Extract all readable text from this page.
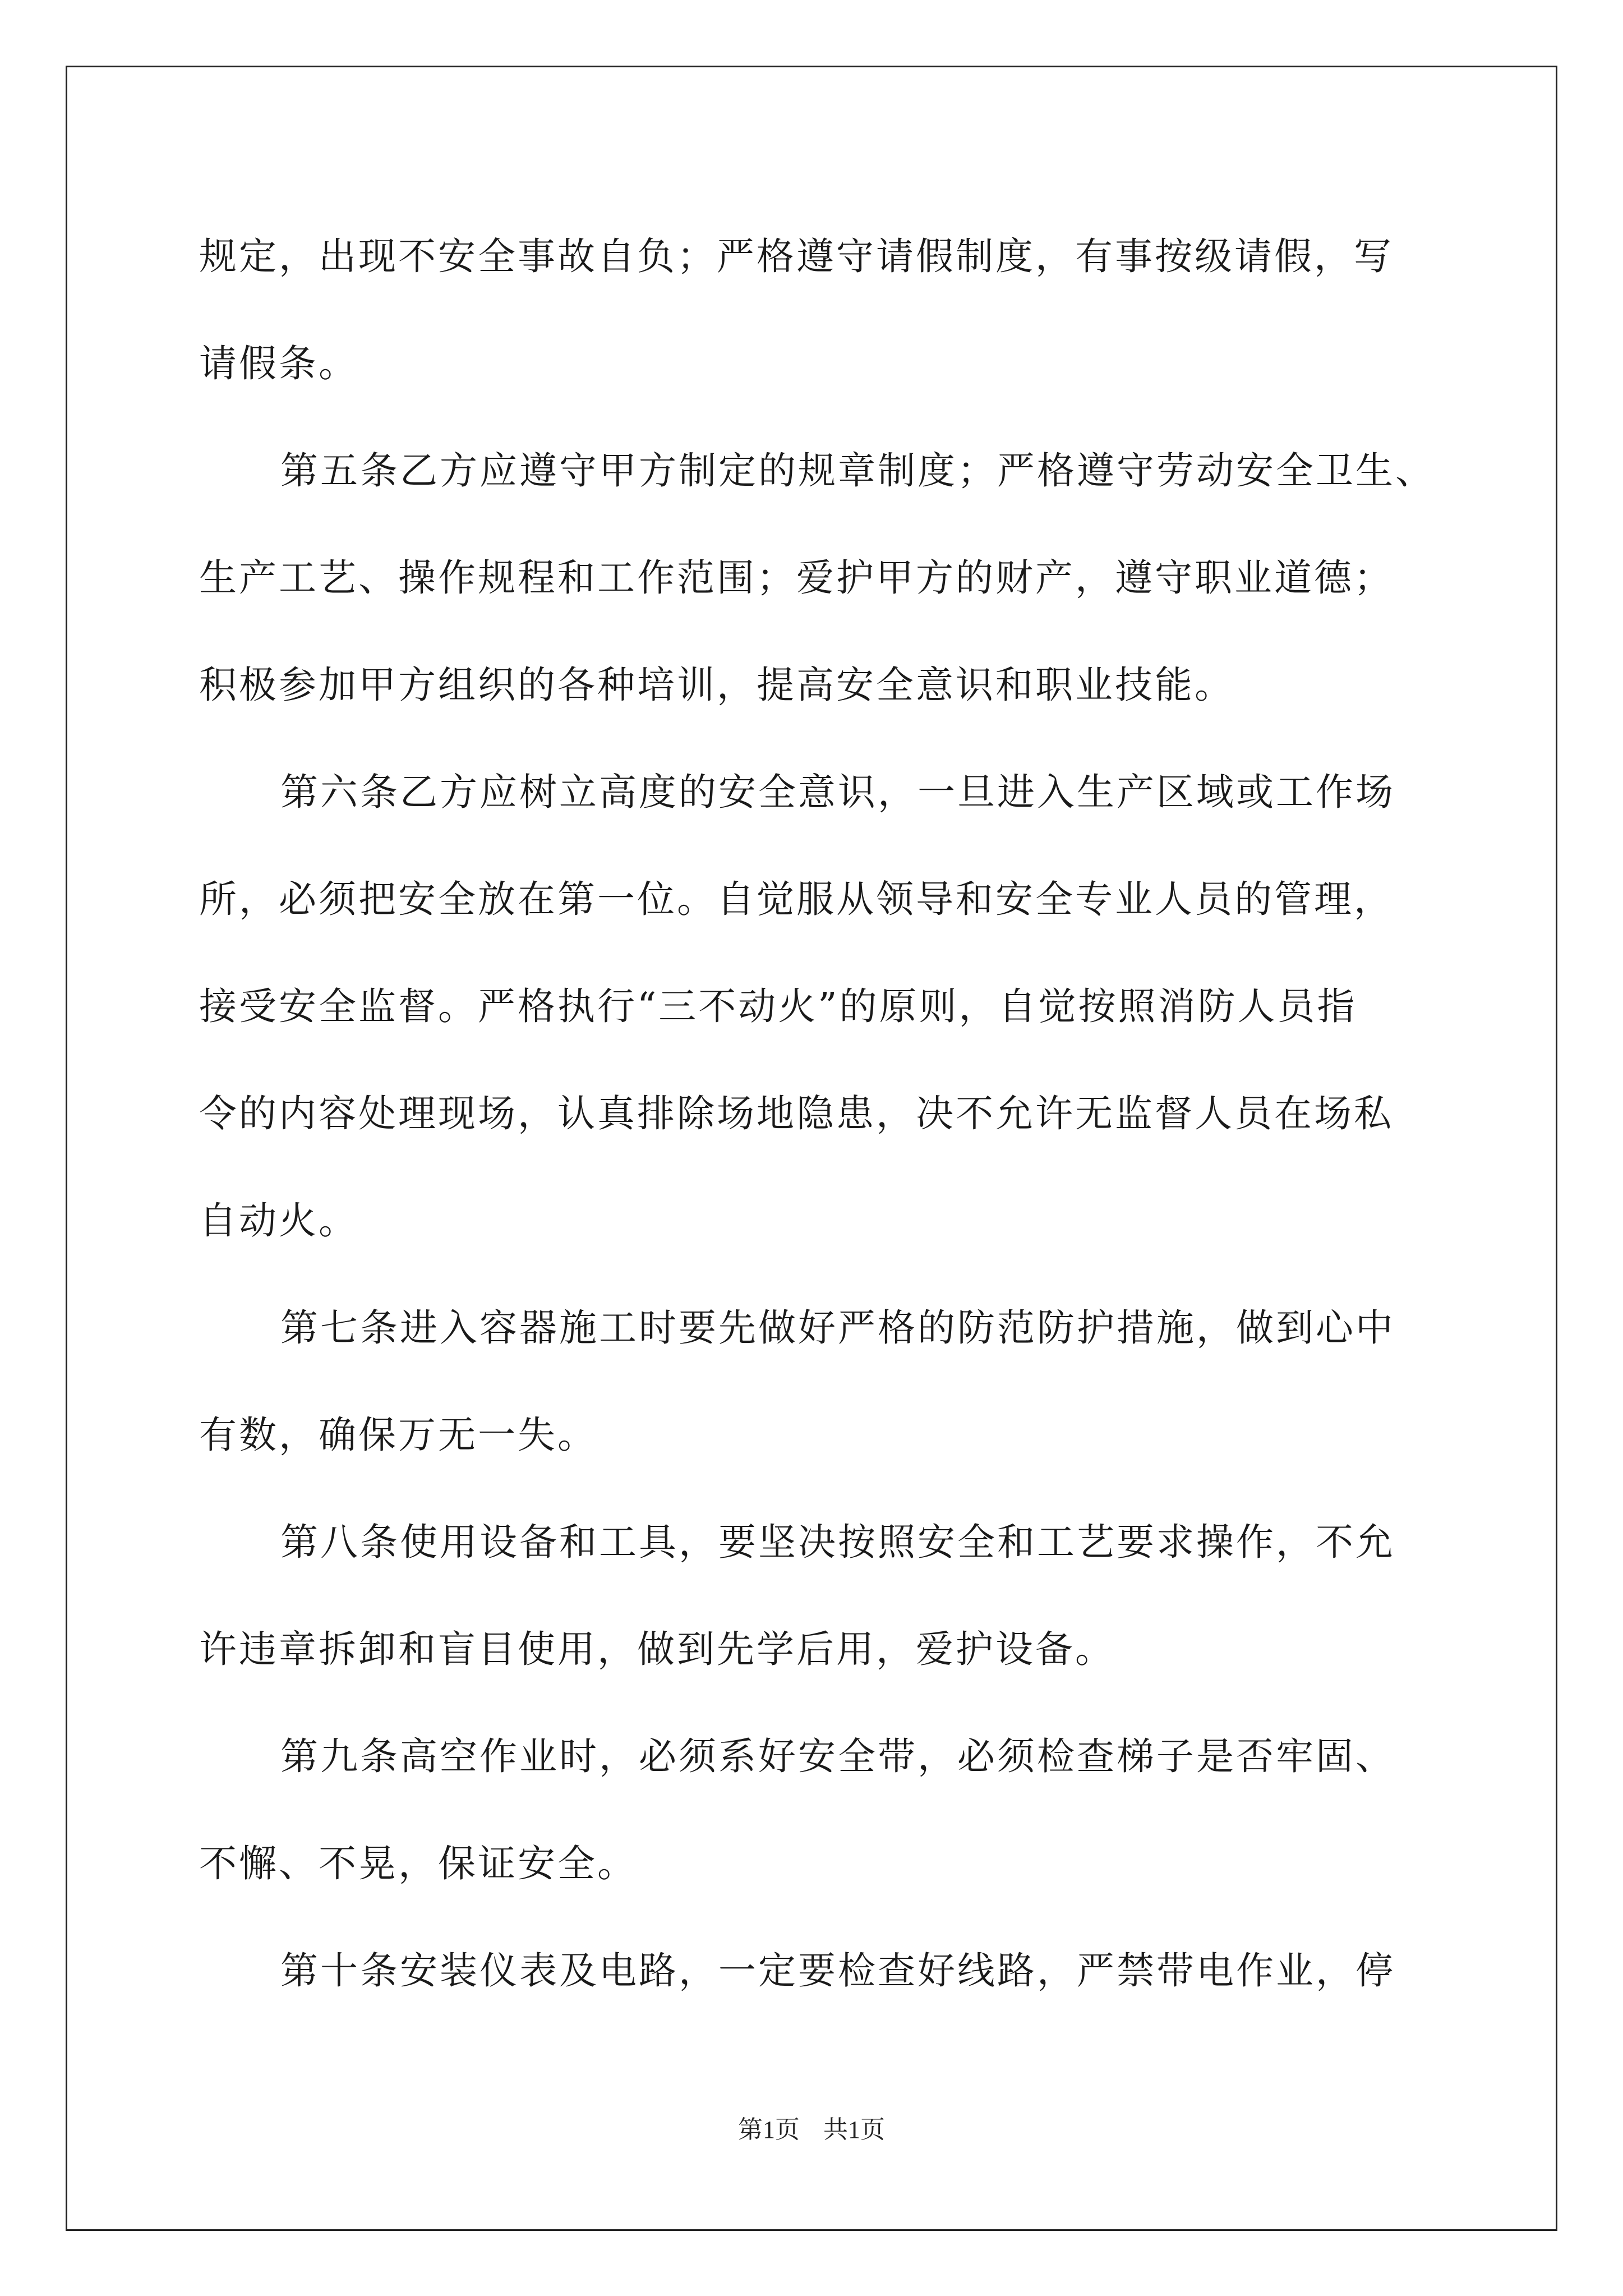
规定，出现不安全事故自负；严格遵守请假制度，有事按级请假，写
请假条。
第五条乙方应遵守甲方制定的规章制度；严格遵守劳动安全卫生、
生产工艺、操作规程和工作范围；爱护甲方的财产，遵守职业道德；
积极参加甲方组织的各种培训，提高安全意识和职业技能。
第六条乙方应树立高度的安全意识，一旦进入生产区域或工作场
所，必须把安全放在第一位。自觉服从领导和安全专业人员的管理，
接受安全监督。严格执行“三不动火”的原则，自觉按照消防人员指
令的内容处理现场，认真排除场地隐患，决不允许无监督人员在场私
自动火。
第七条进入容器施工时要先做好严格的防范防护措施，做到心中
有数，确保万无一失。
第八条使用设备和工具，要坚决按照安全和工艺要求操作，不允
许违章拆卸和盲目使用，做到先学后用，爱护设备。
第九条高空作业时，必须系好安全带，必须检查梯子是否牢固、
不懈、不晃，保证安全。
第十条安装仪表及电路，一定要检查好线路，严禁带电作业，停
第1页 共1页
